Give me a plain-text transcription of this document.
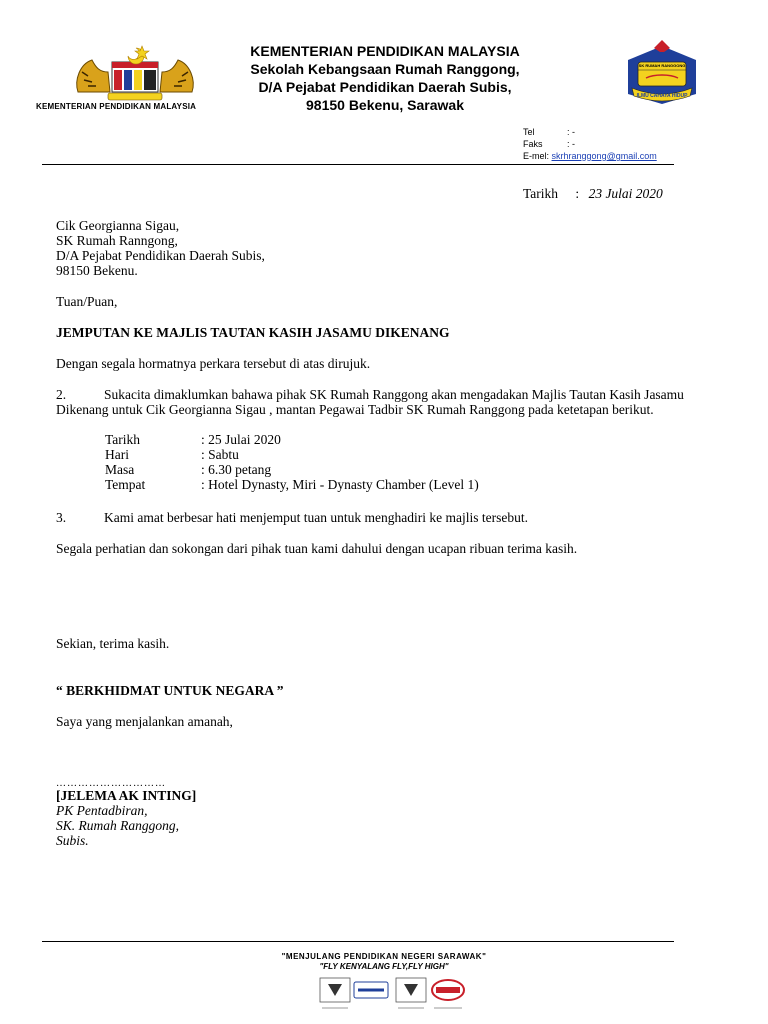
KEMENTERIAN PENDIDIKAN MALAYSIA
KEMENTERIAN PENDIDIKAN MALAYSIA
Sekolah Kebangsaan Rumah Ranggong,
D/A Pejabat Pendidikan Daerah Subis,
98150 Bekenu, Sarawak
SK RUMAH RANGGONG
ILMU CAHAYA HIDUP
Tel	: -
Faks	: -
E-mel : skrhranggong@gmail.com
Tarikh : 23 Julai 2020
Cik Georgianna Sigau,
SK Rumah Ranngong,
D/A Pejabat Pendidikan Daerah Subis,
98150 Bekenu.
Tuan/Puan,
JEMPUTAN KE MAJLIS TAUTAN KASIH JASAMU DIKENANG
Dengan segala hormatnya perkara tersebut di atas dirujuk.
2.	Sukacita dimaklumkan bahawa pihak SK Rumah Ranggong akan mengadakan Majlis Tautan Kasih Jasamu
Dikenang untuk Cik Georgianna Sigau , mantan Pegawai Tadbir SK Rumah Ranggong pada ketetapan berikut.
Tarikh	: 25 Julai 2020
Hari	: Sabtu
Masa	: 6.30 petang
Tempat	: Hotel Dynasty, Miri - Dynasty Chamber (Level 1)
3.	Kami amat berbesar hati menjemput tuan untuk menghadiri ke majlis tersebut.
Segala perhatian dan sokongan dari pihak tuan kami dahului dengan ucapan ribuan terima kasih.
Sekian, terima kasih.
“ BERKHIDMAT UNTUK NEGARA ”
Saya yang menjalankan amanah,
…………………………
[JELEMA AK INTING]
PK Pentadbiran,
SK. Rumah Ranggong,
Subis.
"MENJULANG PENDIDIKAN NEGERI SARAWAK"
"FLY KENYALANG FLY,FLY HIGH"
